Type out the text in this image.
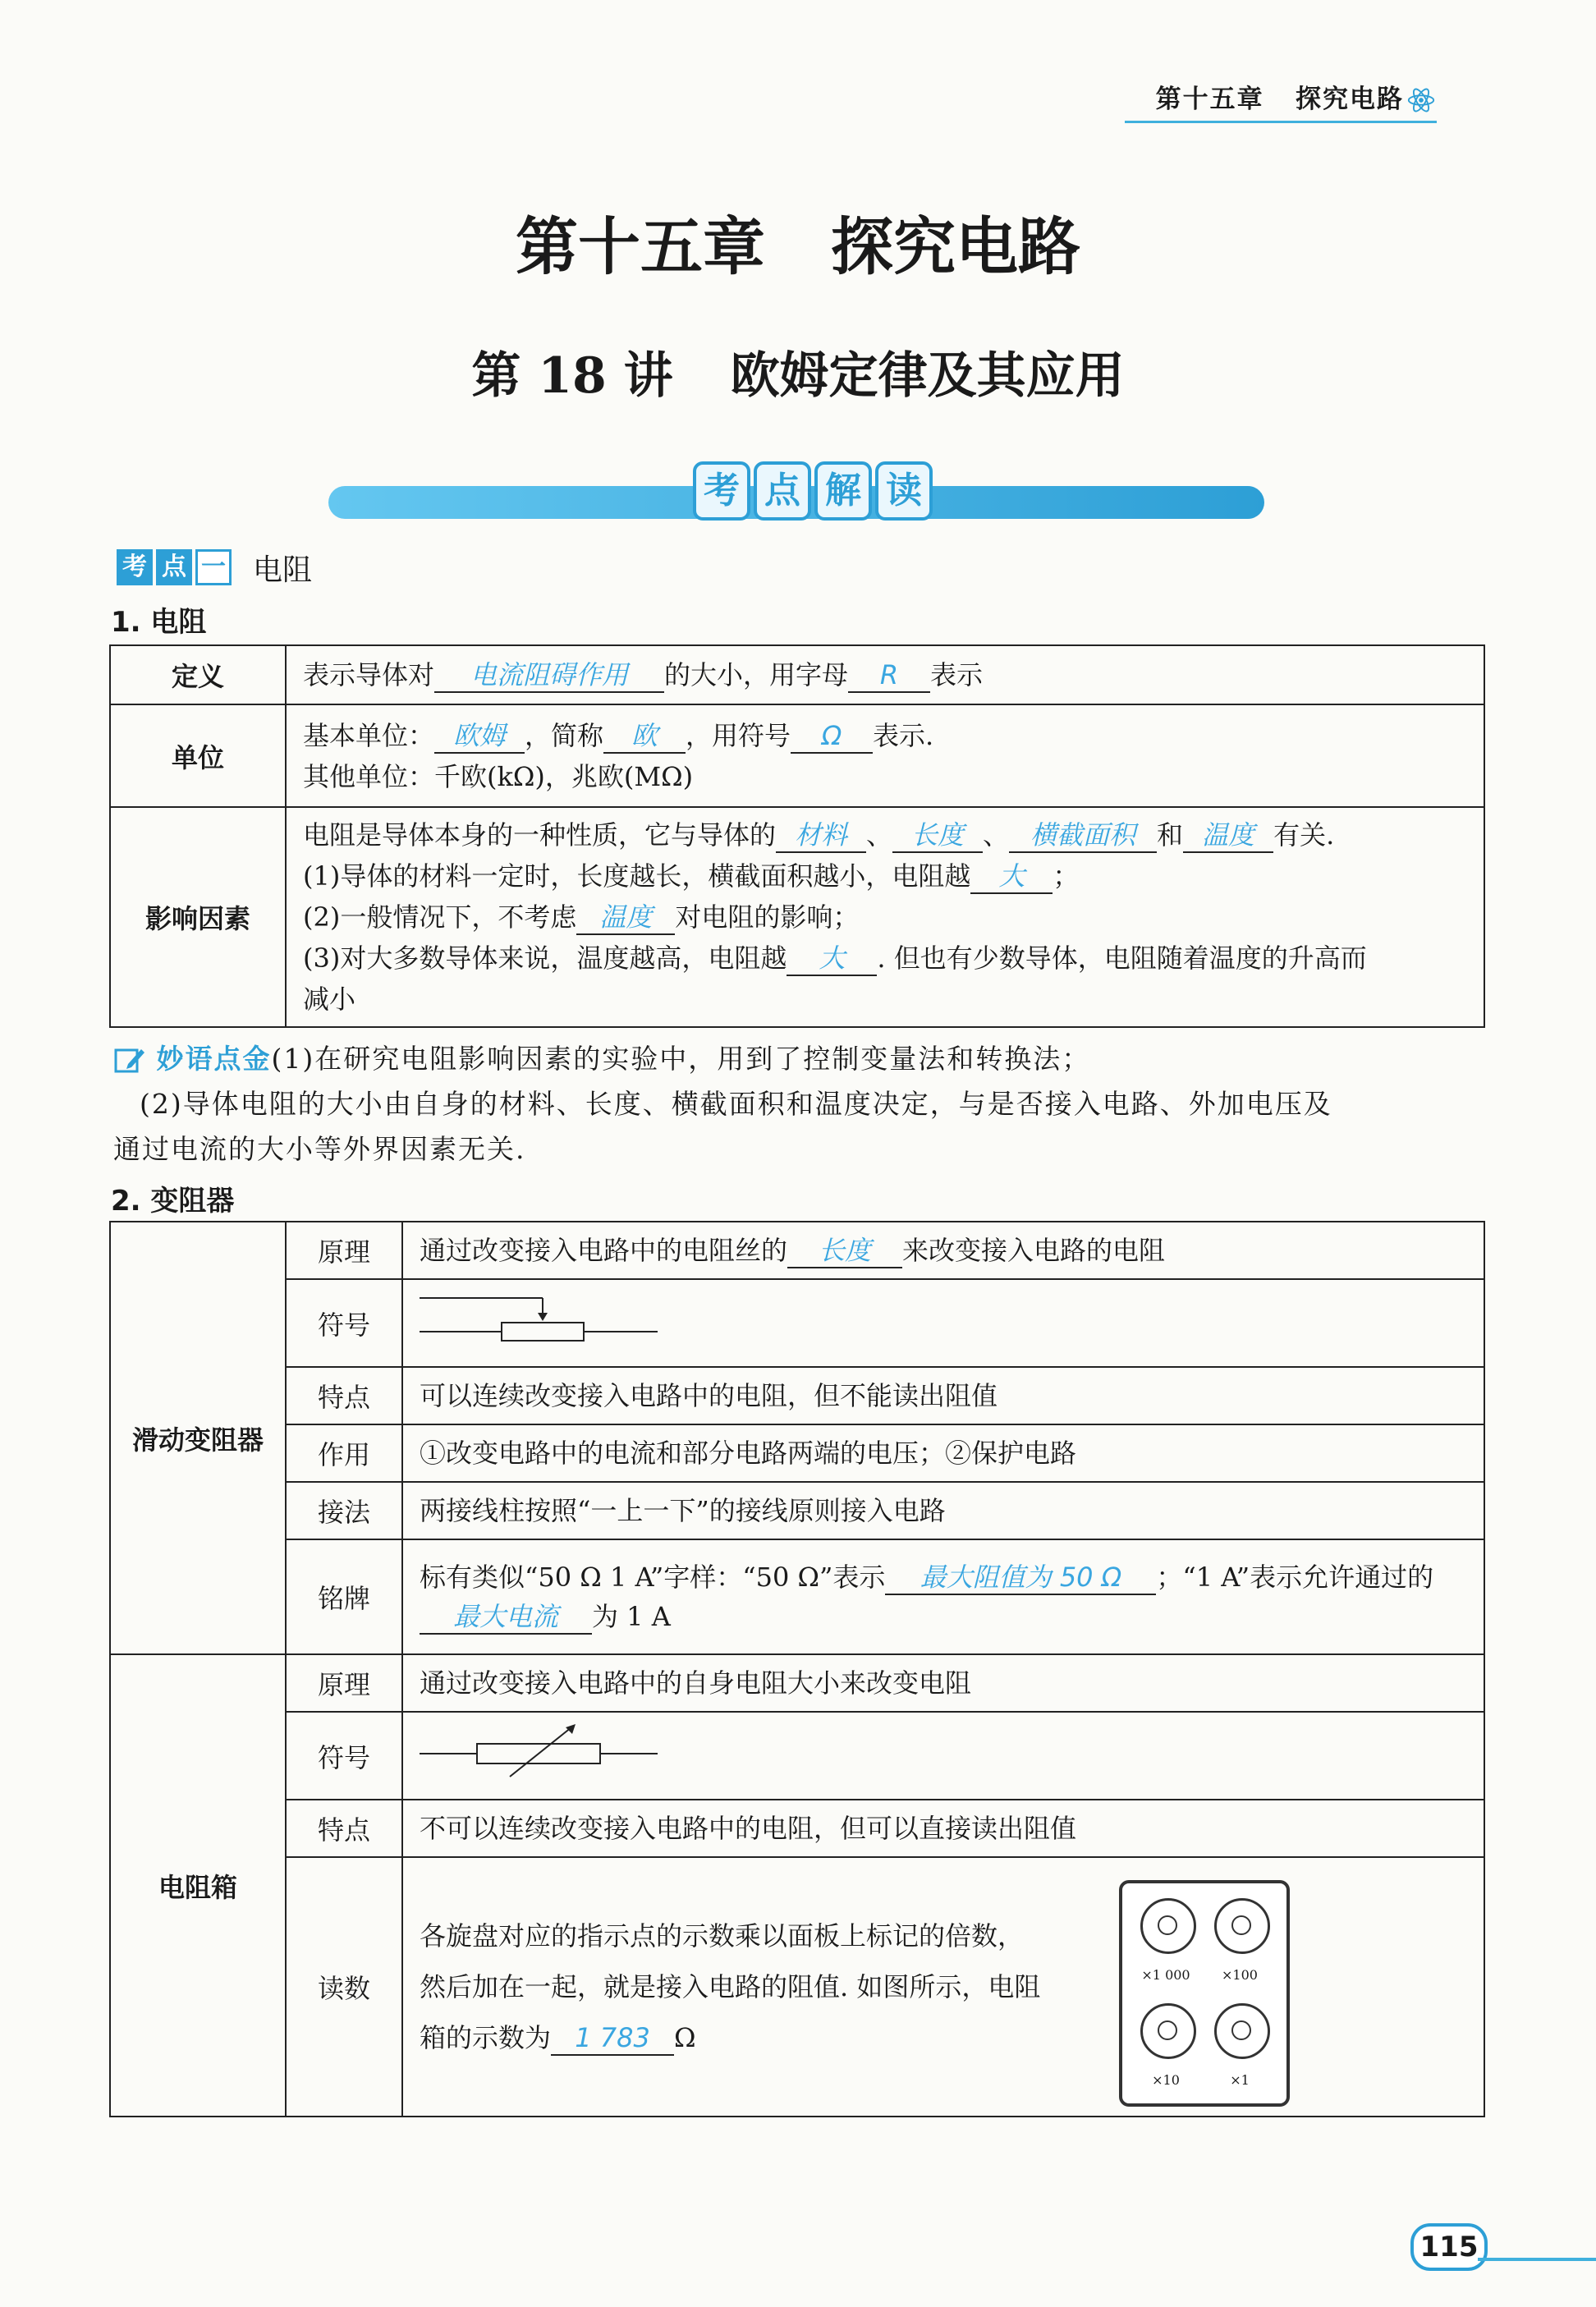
第十五章 探究电路
第十五章 探究电路
第 18 讲 欧姆定律及其应用
考 点 解 读
考 点 一 电阻
1. 电阻
定义	表示导体对 电流阻碍作用 的大小，用字母 R 表示
单位	基本单位： 欧姆 ，简称 欧 ，用符号 Ω 表示.
其他单位：千欧(kΩ)，兆欧(MΩ)
影响因素	电阻是导体本身的一种性质，它与导体的 材料 、 长度 、 横截面积 和 温度 有关.
(1)导体的材料一定时，长度越长，横截面积越小，电阻越 大 ；
(2)一般情况下，不考虑 温度 对电阻的影响；
(3)对大多数导体来说，温度越高，电阻越 大 . 但也有少数导体，电阻随着温度的升高而
减小

妙语点金(1)在研究电阻影响因素的实验中，用到了控制变量法和转换法；

(2)导体电阻的大小由自身的材料、长度、横截面积和温度决定，与是否接入电路、外加电压及

通过电流的大小等外界因素无关.

2. 变阻器
滑动变阻器	原理	通过改变接入电路中的电阻丝的 长度 来改变接入电路的电阻
	符号	
	特点	可以连续改变接入电路中的电阻，但不能读出阻值
	作用	①改变电路中的电流和部分电路两端的电压；②保护电路
	接法	两接线柱按照“一上一下”的接线原则接入电路
	铭牌	标有类似“50 Ω 1 A”字样：“50 Ω”表示 最大阻值为 50 Ω ；“1 A”表示允许通过的
最大电流 为 1 A
电阻箱	原理	通过改变接入电路中的自身电阻大小来改变电阻
	符号	
	特点	不可以连续改变接入电路中的电阻，但可以直接读出阻值
	读数	各旋盘对应的指示点的示数乘以面板上标记的倍数，
然后加在一起，就是接入电路的阻值. 如图所示，电阻
箱的示数为 1 783 Ω
×1 000	×100
×10	×1
115
